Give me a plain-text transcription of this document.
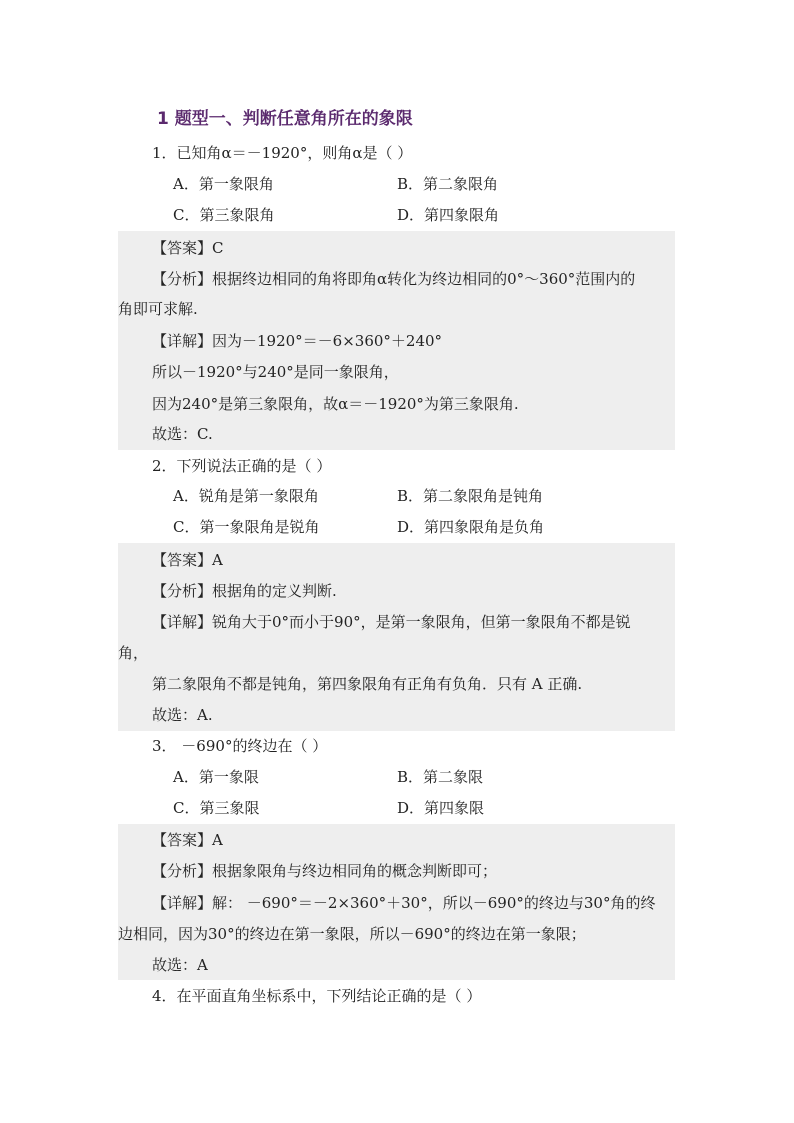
1 题型一、判断任意角所在的象限
1．已知角α＝－1920°，则角α是（ ）
A．第一象限角	B．第二象限角
C．第三象限角	D．第四象限角
【答案】C
【分析】根据终边相同的角将即角α转化为终边相同的0°～360°范围内的
角即可求解.
【详解】因为－1920°＝－6×360°＋240°
所以－1920°与240°是同一象限角，
因为240°是第三象限角，故α＝－1920°为第三象限角.
故选：C.
2．下列说法正确的是（ ）
A．锐角是第一象限角	B．第二象限角是钝角
C．第一象限角是锐角	D．第四象限角是负角
【答案】A
【分析】根据角的定义判断.
【详解】锐角大于0°而小于90°，是第一象限角，但第一象限角不都是锐
角，
第二象限角不都是钝角，第四象限角有正角有负角．只有 A 正确.
故选：A.
3． －690°的终边在（ ）
A．第一象限	B．第二象限
C．第三象限	D．第四象限
【答案】A
【分析】根据象限角与终边相同角的概念判断即可；
【详解】解： －690°＝－2×360°＋30°，所以－690°的终边与30°角的终
边相同，因为30°的终边在第一象限，所以－690°的终边在第一象限；
故选：A
4．在平面直角坐标系中，下列结论正确的是（ ）
